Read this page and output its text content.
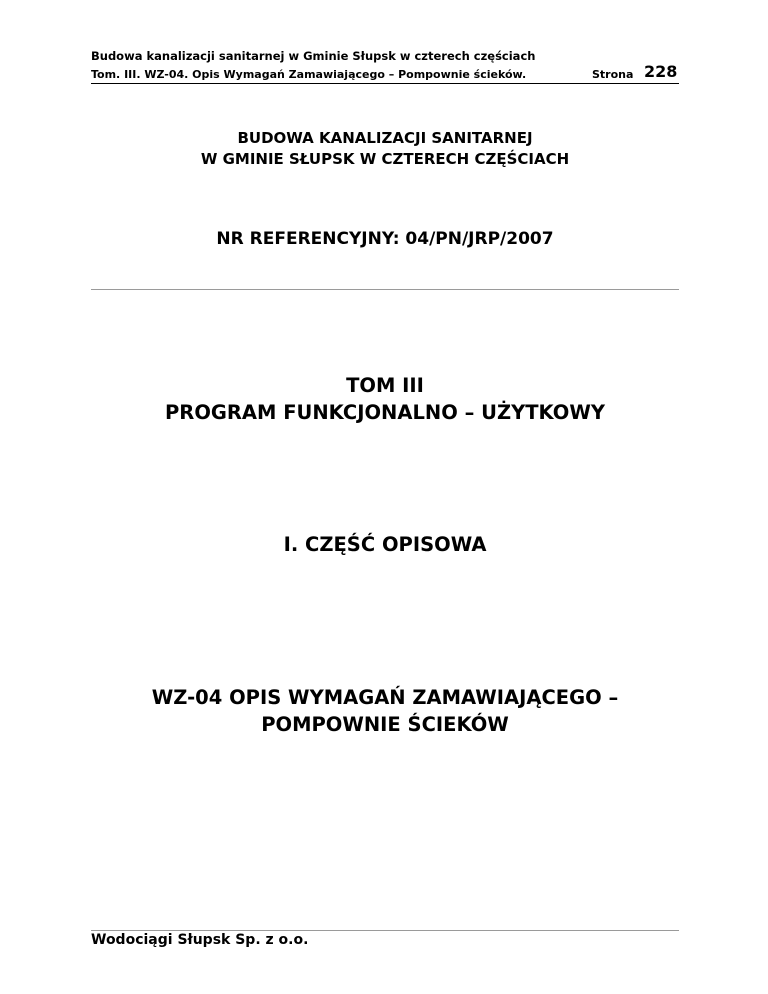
Budowa kanalizacji sanitarnej w Gminie Słupsk w czterech częściach
Tom. III. WZ-04. Opis Wymagań Zamawiającego – Pompownie ścieków.	Strona 228
BUDOWA KANALIZACJI SANITARNEJ
W GMINIE SŁUPSK W CZTERECH CZĘŚCIACH
NR REFERENCYJNY: 04/PN/JRP/2007
TOM III
PROGRAM FUNKCJONALNO – UŻYTKOWY
I. CZĘŚĆ OPISOWA
WZ-04 OPIS WYMAGAŃ ZAMAWIAJĄCEGO –
POMPOWNIE ŚCIEKÓW
Wodociągi Słupsk Sp. z o.o.
